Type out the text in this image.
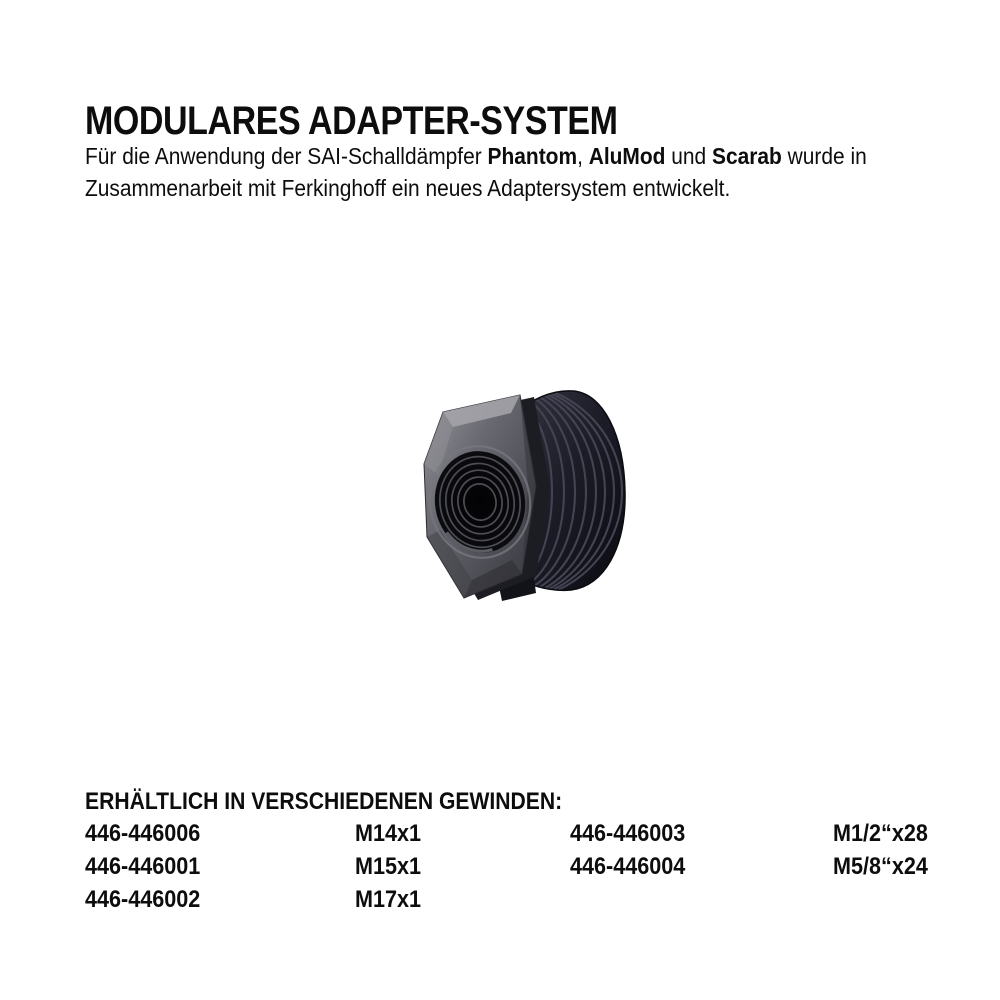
MODULARES ADAPTER-SYSTEM
Für die Anwendung der SAI-Schalldämpfer Phantom, AluMod und Scarab wurde in
Zusammenarbeit mit Ferkinghoff ein neues Adaptersystem entwickelt.
ERHÄLTLICH IN VERSCHIEDENEN GEWINDEN:
446-446006	M14x1	446-446003	M1/2“x28
446-446001	M15x1	446-446004	M5/8“x24
446-446002	M17x1
